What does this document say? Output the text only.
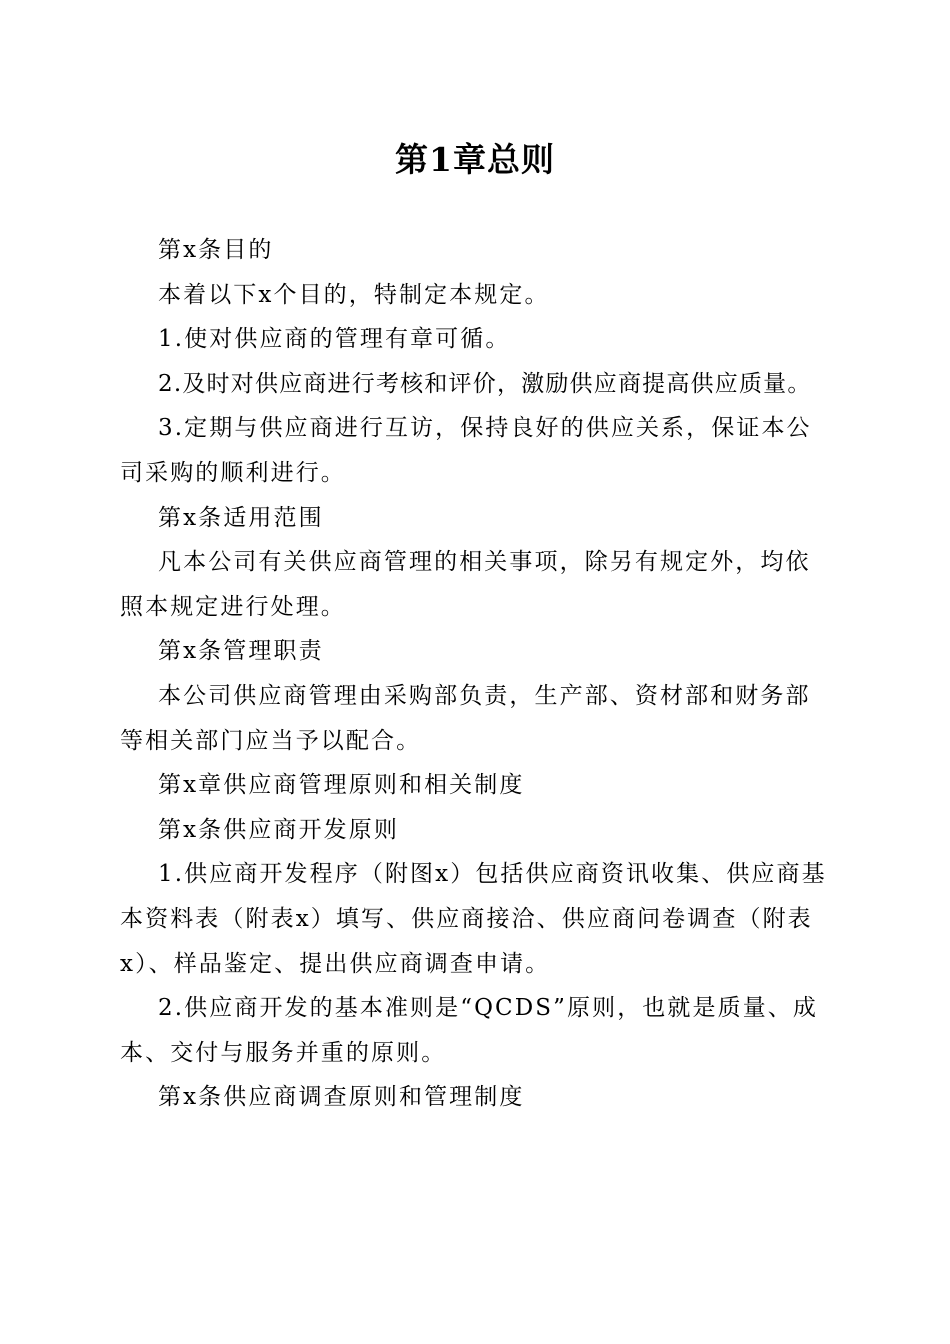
第1章总则

第x条目的

本着以下x个目的，特制定本规定。

1.使对供应商的管理有章可循。

2.及时对供应商进行考核和评价，激励供应商提高供应质量。

3.定期与供应商进行互访，保持良好的供应关系，保证本公司采购的顺利进行。

第x条适用范围

凡本公司有关供应商管理的相关事项，除另有规定外，均依照本规定进行处理。

第x条管理职责

本公司供应商管理由采购部负责，生产部、资材部和财务部等相关部门应当予以配合。

第x章供应商管理原则和相关制度

第x条供应商开发原则

1.供应商开发程序（附图x）包括供应商资讯收集、供应商基本资料表（附表x）填写、供应商接洽、供应商问卷调查（附表x）、样品鉴定、提出供应商调查申请。

2.供应商开发的基本准则是“QCDS”原则，也就是质量、成本、交付与服务并重的原则。

第x条供应商调查原则和管理制度
